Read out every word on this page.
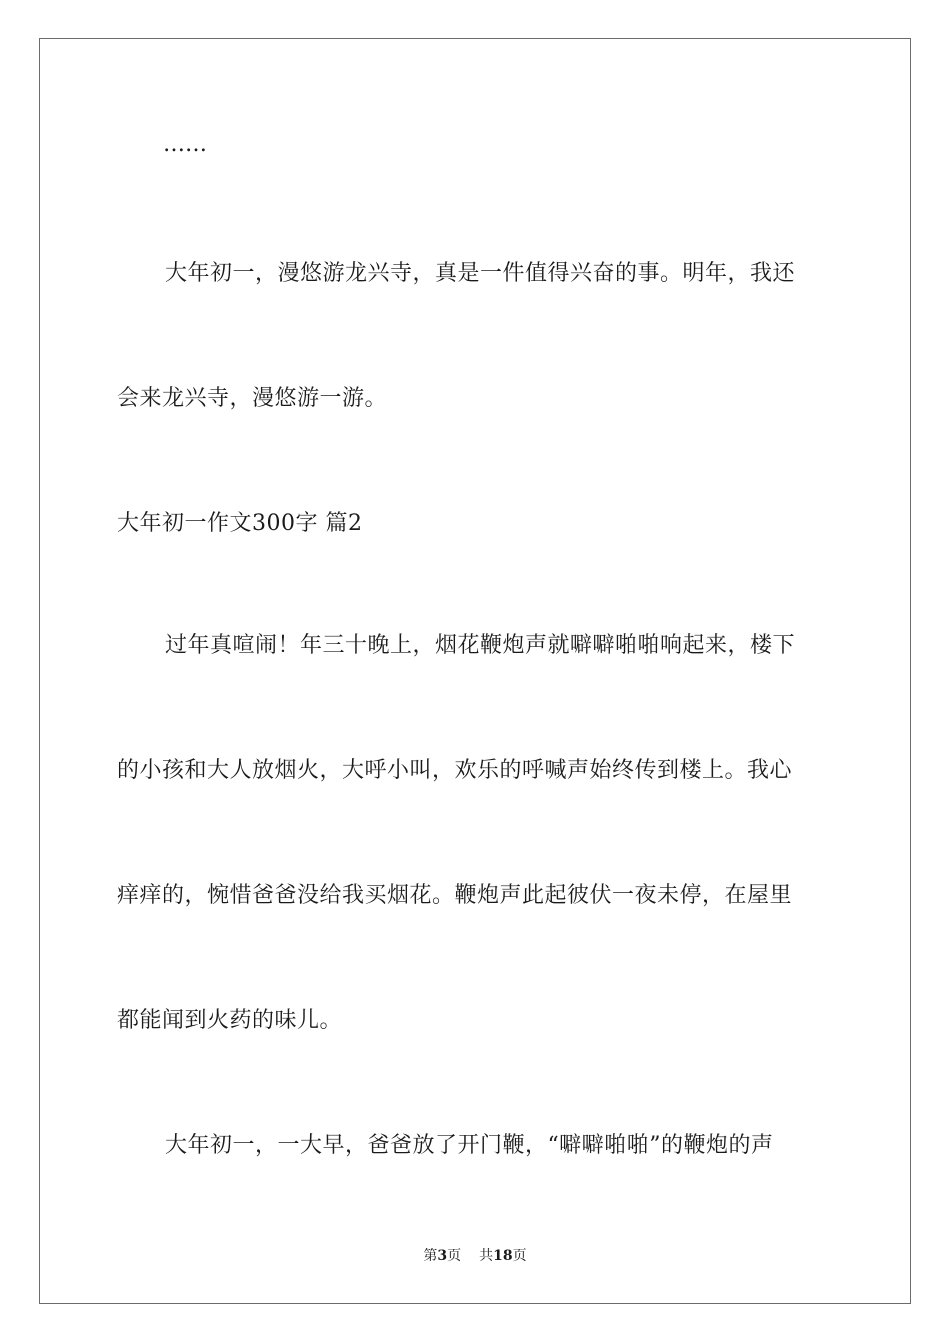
……
大年初一，漫悠游龙兴寺，真是一件值得兴奋的事。明年，我还
会来龙兴寺，漫悠游一游。
大年初一作文300字 篇2
过年真喧闹！年三十晚上，烟花鞭炮声就噼噼啪啪响起来，楼下
的小孩和大人放烟火，大呼小叫，欢乐的呼喊声始终传到楼上。我心
痒痒的，惋惜爸爸没给我买烟花。鞭炮声此起彼伏一夜未停，在屋里
都能闻到火药的味儿。
大年初一，一大早，爸爸放了开门鞭，“噼噼啪啪”的鞭炮的声
第3页 共18页
